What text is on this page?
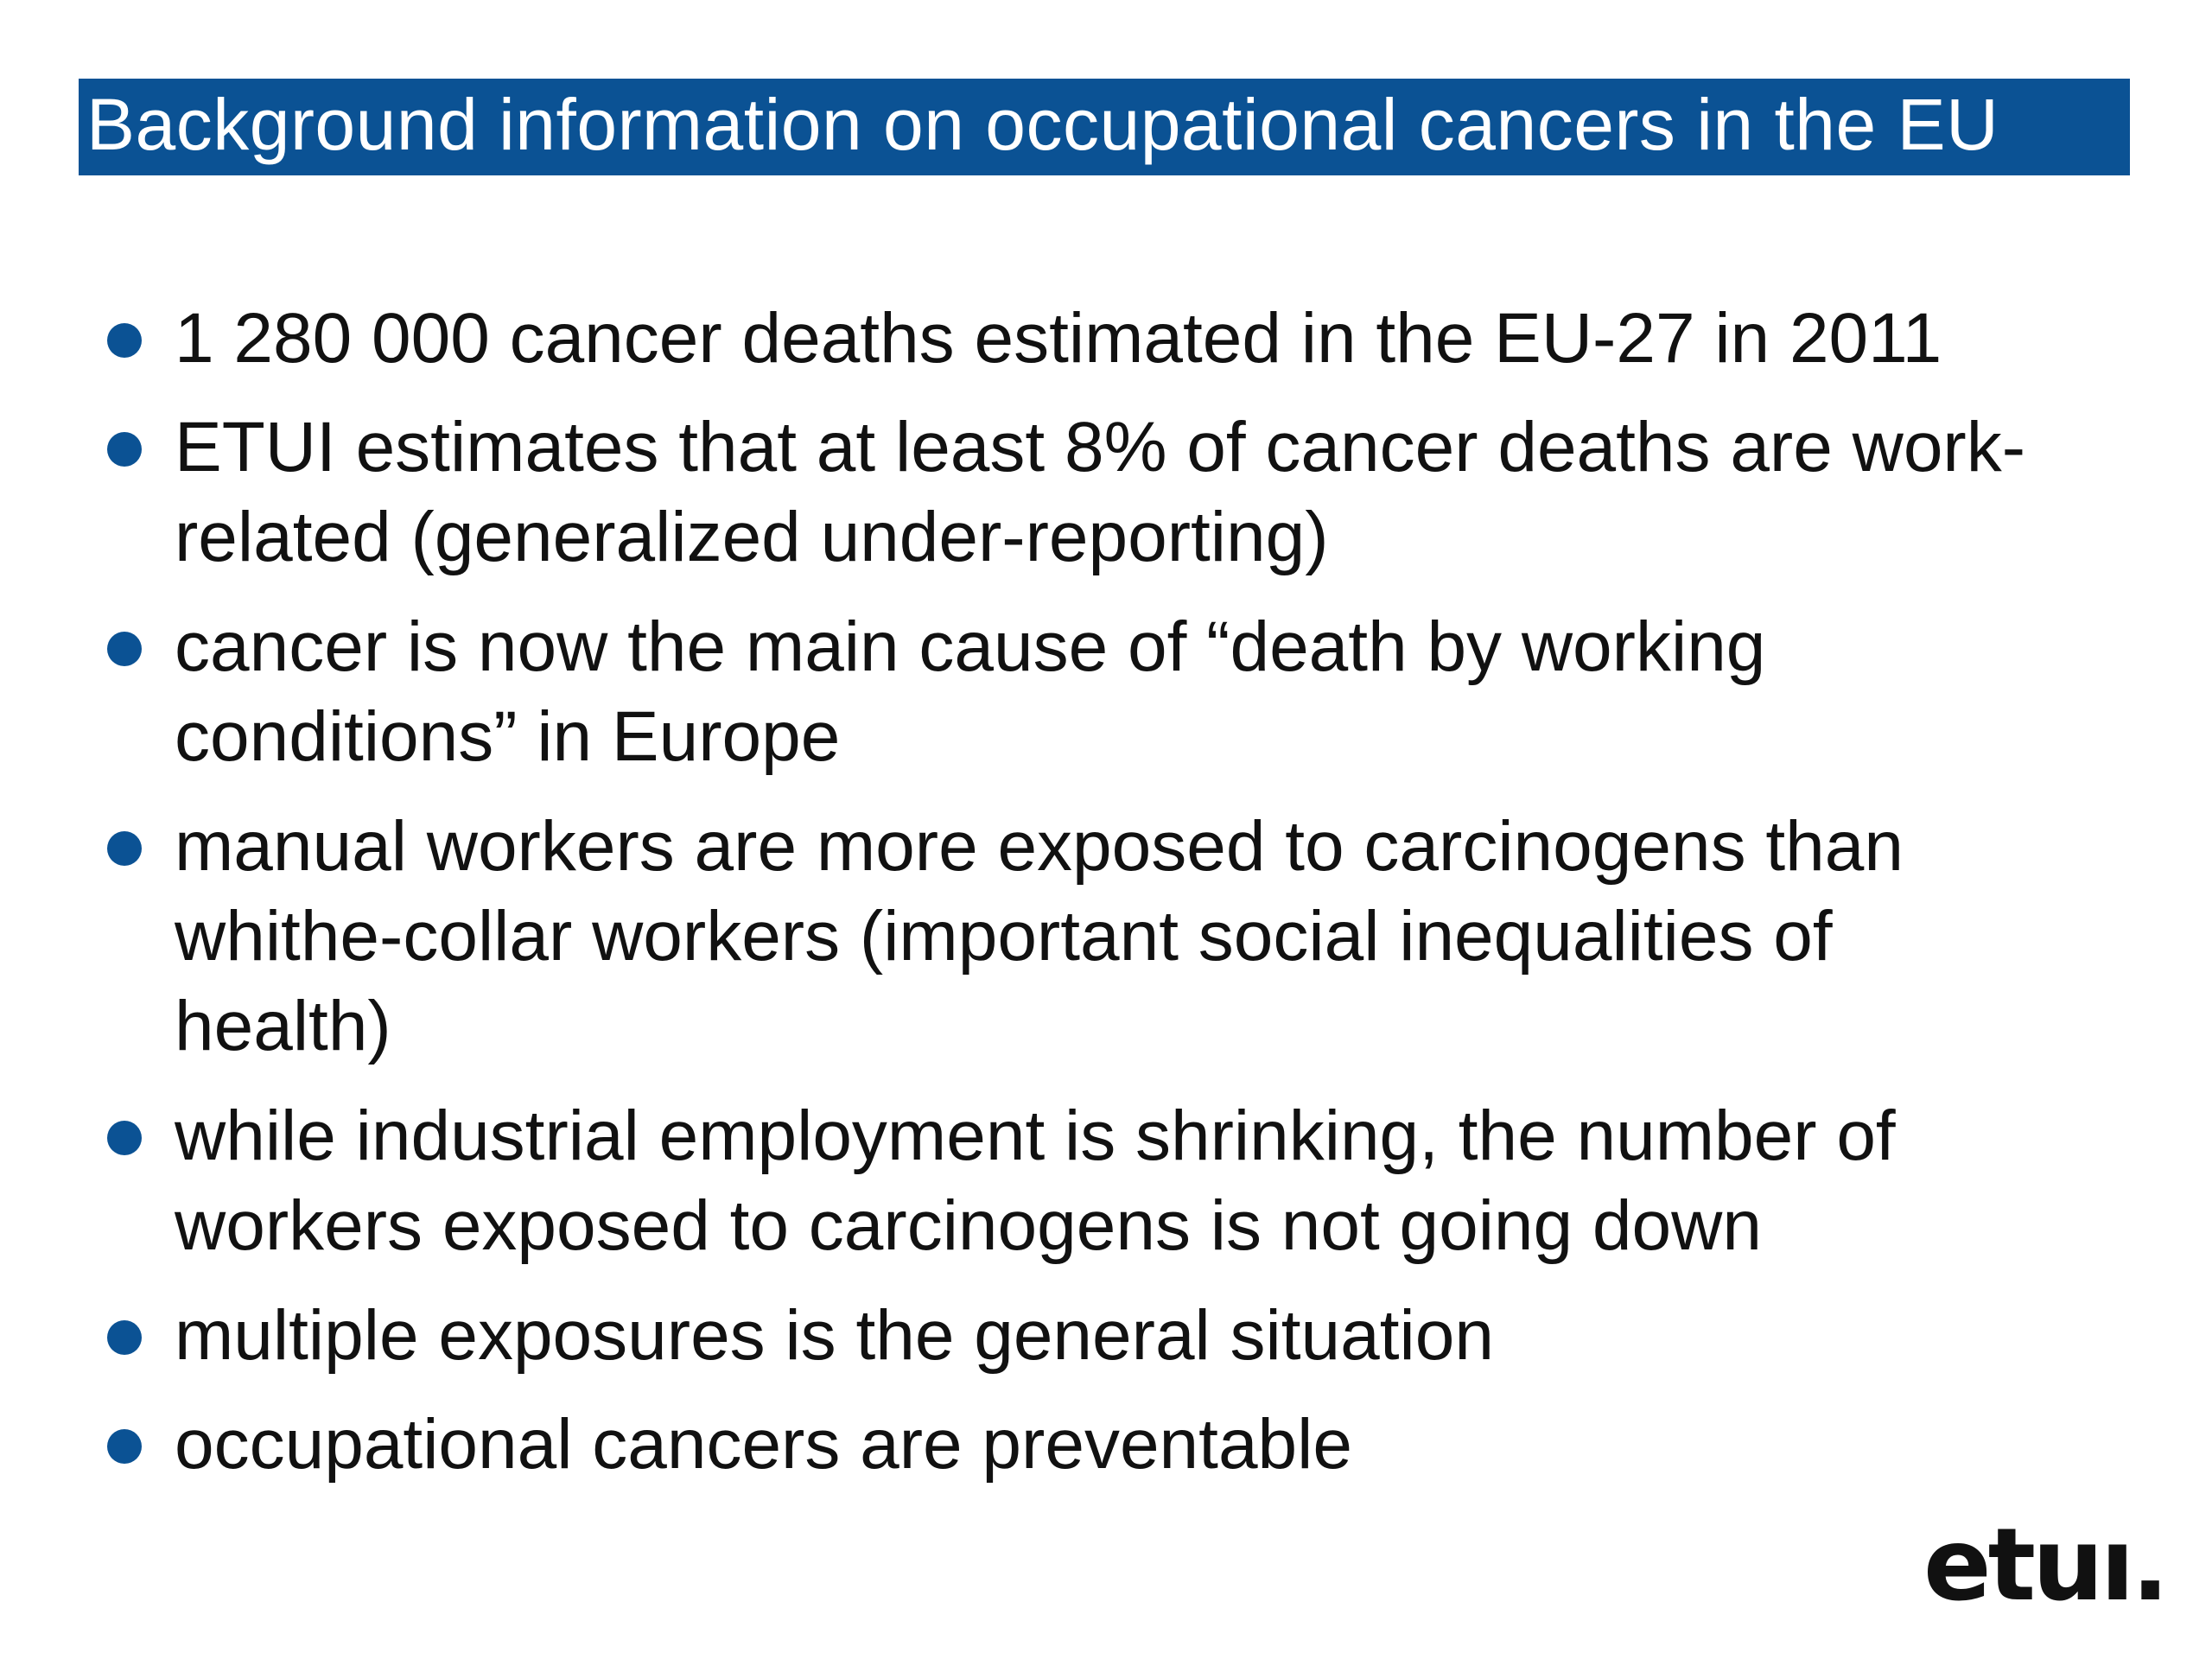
Background information on occupational cancers in the EU
1 280 000 cancer deaths estimated in the EU-27 in 2011
ETUI estimates that at least 8% of cancer deaths are work-
related (generalized under-reporting)
cancer is now the main cause of “death by working
conditions” in Europe
manual workers are more exposed to carcinogens than
whithe-collar workers (important social inequalities of
health)
while industrial employment is shrinking, the number of
workers exposed to carcinogens is not going down
multiple exposures is the general situation
occupational cancers are preventable
etuı.
